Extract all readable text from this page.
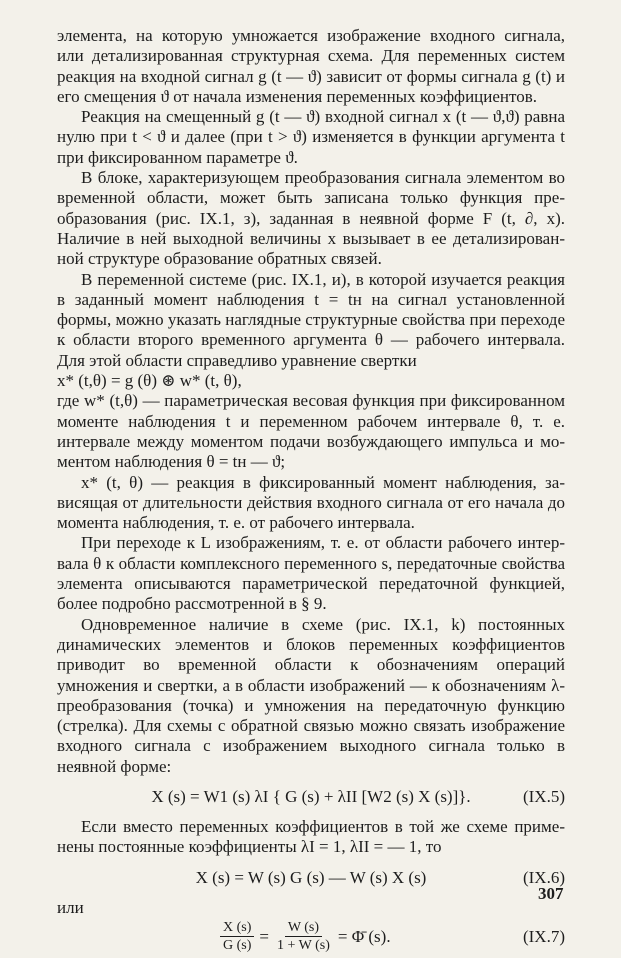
элемента, на которую умножается изображение входного сигнала, или детализированная структурная схема. Для переменных систем реакция на входной сигнал g (t — ϑ) зависит от формы сигнала g (t) и его смещения ϑ от начала изменения переменных коэффициентов.

Реакция на смещенный g (t — ϑ) входной сигнал x (t — ϑ,ϑ) равна нулю при t < ϑ и далее (при t > ϑ) изменяется в функции аргумента t при фиксированном параметре ϑ.

В блоке, характеризующем преобразования сигнала элементом во временной области, может быть записана только функция преобразования (рис. IX.1, з), заданная в неявной форме F (t, ∂, x). Наличие в ней выходной величины x вызывает в ее детализированной структуре образование обратных связей.

В переменной системе (рис. IX.1, и), в которой изучается реакция в заданный момент наблюдения t = tн на сигнал установленной формы, можно указать наглядные структурные свойства при переходе к области второго временного аргумента θ — рабочего интервала. Для этой области справедливо уравнение свертки

x* (t,θ) = g (θ) ⊛ w* (t, θ),

где w* (t,θ) — параметрическая весовая функция при фиксированном моменте наблюдения t и переменном рабочем интервале θ, т. е. интервале между моментом подачи возбуждающего импульса и моментом наблюдения θ = tн — ϑ;

x* (t, θ) — реакция в фиксированный момент наблюдения, зависящая от длительности действия входного сигнала от его начала до момента наблюдения, т. е. от рабочего интервала.

При переходе к L изображениям, т. е. от области рабочего интервала θ к области комплексного переменного s, передаточные свойства элемента описываются параметрической передаточной функцией, более подробно рассмотренной в § 9.

Одновременное наличие в схеме (рис. IX.1, k) постоянных динамических элементов и блоков переменных коэффициентов приводит во временной области к обозначениям операций умножения и свертки, а в области изображений — к обозначениям λ-преобразования (точка) и умножения на передаточную функцию (стрелка). Для схемы с обратной связью можно связать изображение входного сигнала с изображением выходного сигнала только в неявной форме:

X (s) = W1 (s) λI { G (s) + λII [W2 (s) X (s)]}.	(IX.5)

Если вместо переменных коэффициентов в той же схеме применены постоянные коэффициенты λI = 1, λII = — 1, то

X (s) = W (s) G (s) — W (s) X (s)	(IX.6)

или

$\frac{X (s)}{G (s)} = \frac{W (s)}{1 + W (s)}$ = Φ̄ (s).	(IX.7)
307
